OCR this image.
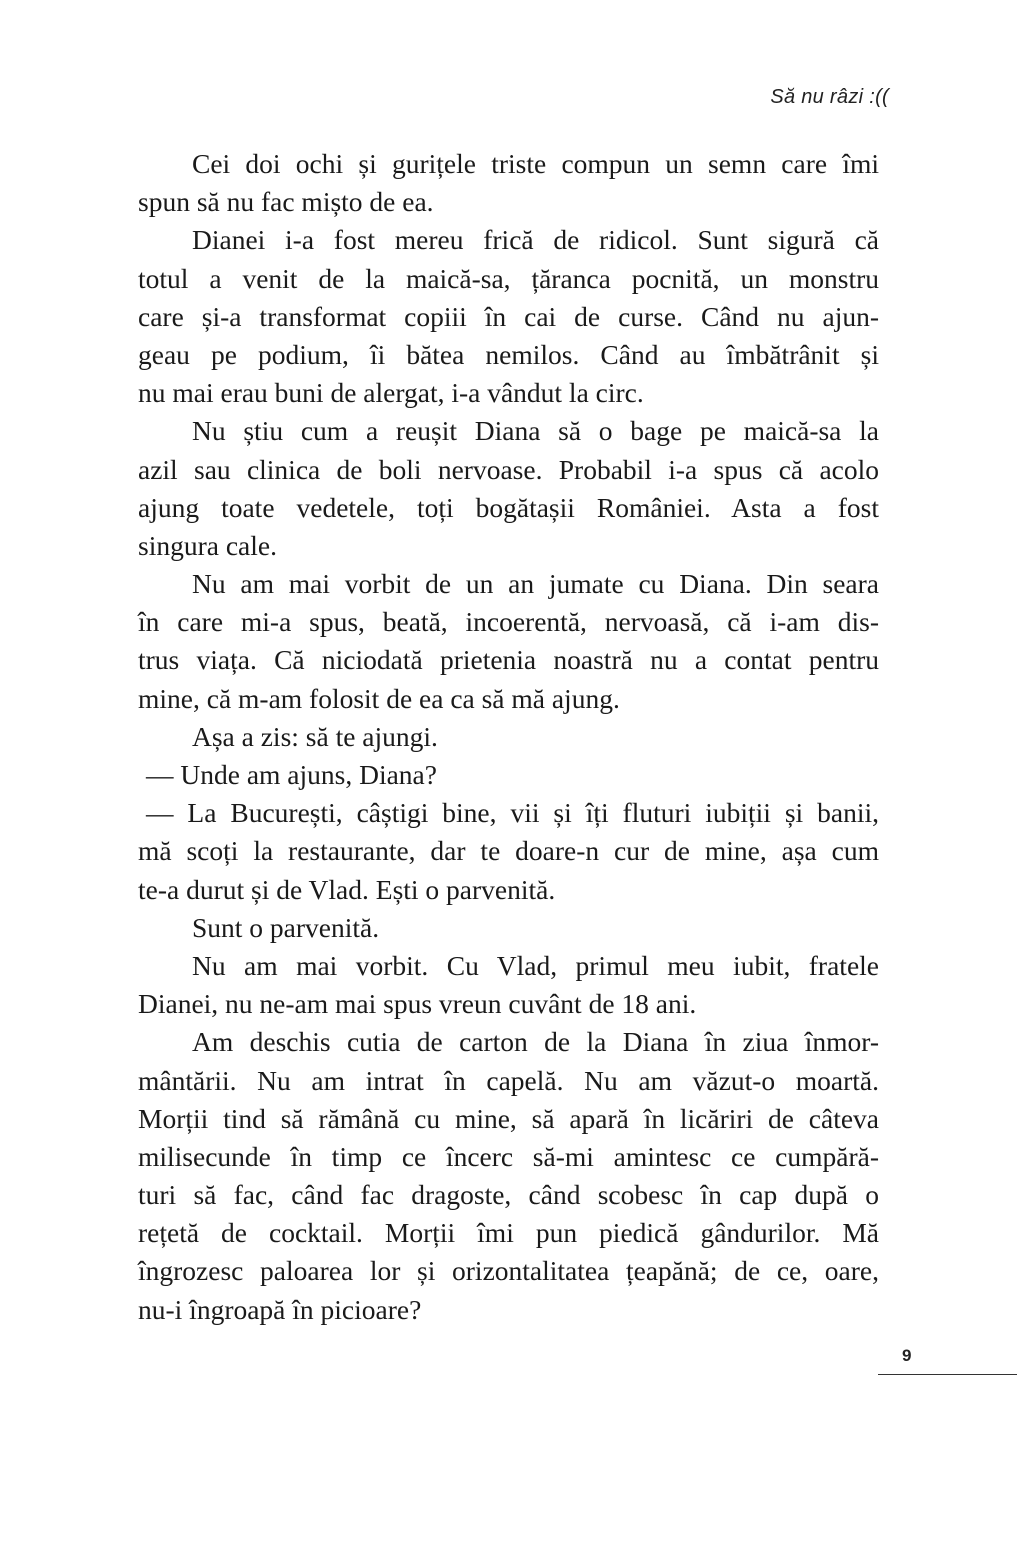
Să nu râzi :((
Cei doi ochi și gurițele triste compun un semn care îmi
spun să nu fac mișto de ea.
Dianei i-a fost mereu frică de ridicol. Sunt sigură că
totul a venit de la maică-sa, țăranca pocnită, un monstru
care și-a transformat copiii în cai de curse. Când nu ajun-
geau pe podium, îi bătea nemilos. Când au îmbătrânit și
nu mai erau buni de alergat, i-a vândut la circ.
Nu știu cum a reușit Diana să o bage pe maică-sa la
azil sau clinica de boli nervoase. Probabil i-a spus că acolo
ajung toate vedetele, toți bogătașii României. Asta a fost
singura cale.
Nu am mai vorbit de un an jumate cu Diana. Din seara
în care mi-a spus, beată, incoerentă, nervoasă, că i-am dis-
trus viața. Că niciodată prietenia noastră nu a contat pentru
mine, că m-am folosit de ea ca să mă ajung.
Așa a zis: să te ajungi.
— Unde am ajuns, Diana?
— La București, câștigi bine, vii și îți fluturi iubiții și banii,
mă scoți la restaurante, dar te doare-n cur de mine, așa cum
te-a durut și de Vlad. Ești o parvenită.
Sunt o parvenită.
Nu am mai vorbit. Cu Vlad, primul meu iubit, fratele
Dianei, nu ne-am mai spus vreun cuvânt de 18 ani.
Am deschis cutia de carton de la Diana în ziua înmor-
mântării. Nu am intrat în capelă. Nu am văzut-o moartă.
Morții tind să rămână cu mine, să apară în licăriri de câteva
milisecunde în timp ce încerc să-mi amintesc ce cumpără-
turi să fac, când fac dragoste, când scobesc în cap după o
rețetă de cocktail. Morții îmi pun piedică gândurilor. Mă
îngrozesc paloarea lor și orizontalitatea țeapănă; de ce, oare,
nu-i îngroapă în picioare?
9
